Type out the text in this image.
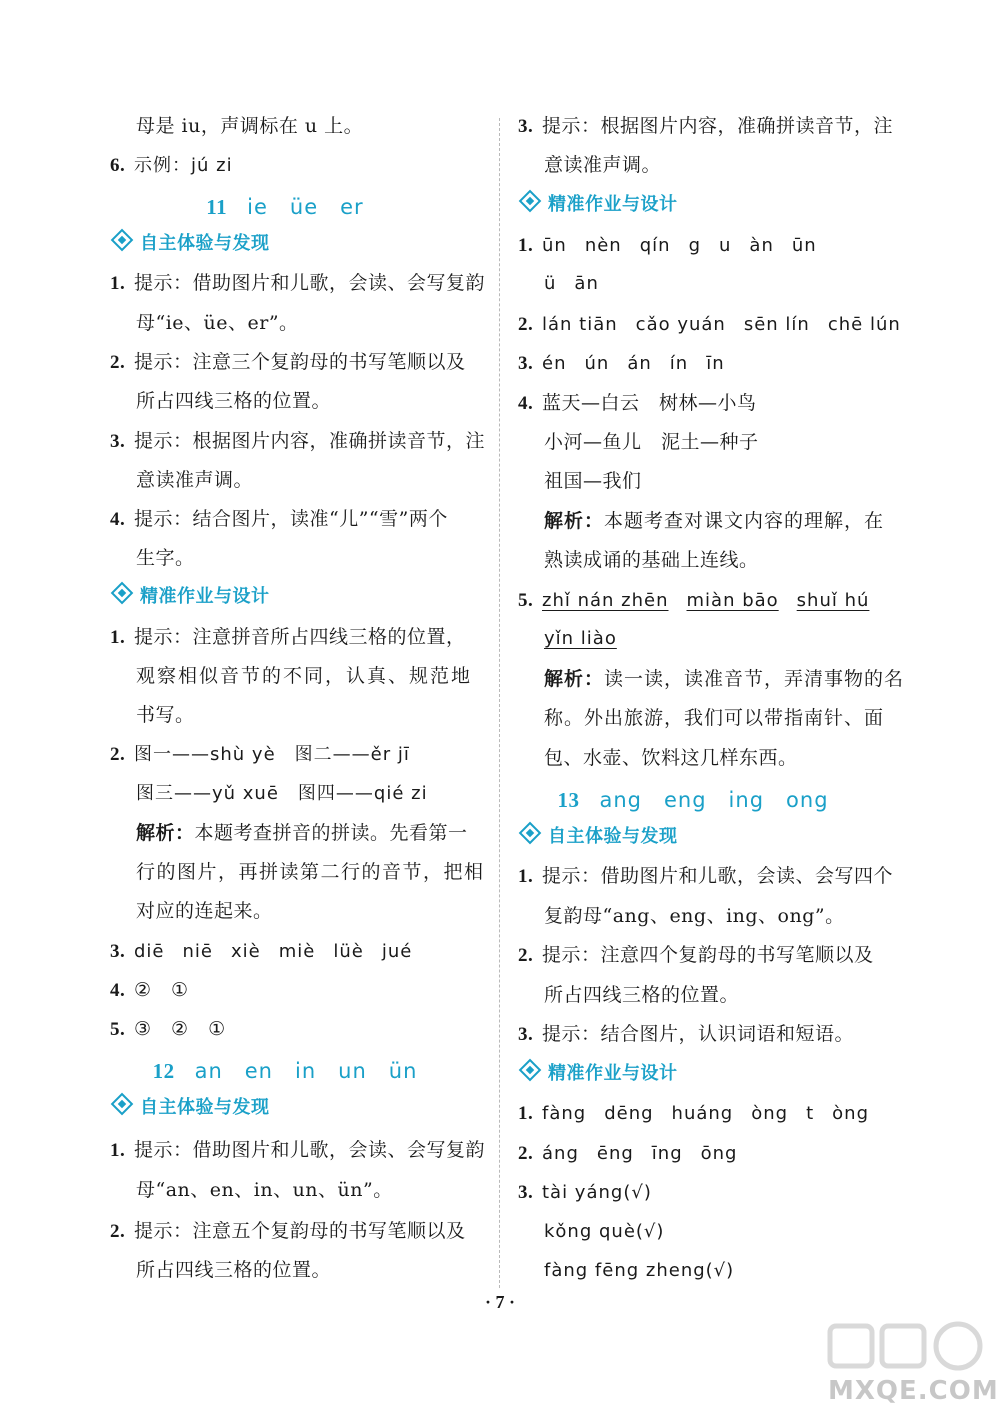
母是 iu，声调标在 u 上。
6. 示例：jú zi
11 ie üe er
自主体验与发现
1. 提示：借助图片和儿歌，会读、会写复韵
母“ie、üe、er”。
2. 提示：注意三个复韵母的书写笔顺以及
所占四线三格的位置。
3. 提示：根据图片内容，准确拼读音节，注
意读准声调。
4. 提示：结合图片，读准“儿”“雪”两个
生字。
精准作业与设计
1. 提示：注意拼音所占四线三格的位置，
观察相似音节的不同，认真、规范地
书写。
2. 图一——shù yè　图二——ěr jī
图三——yǔ xuē　图四——qié zi
解析：本题考查拼音的拼读。先看第一
行的图片，再拼读第二行的音节，把相
对应的连起来。
3. diē niē xiè miè lüè jué
4. ②　①
5. ③　②　①
12 an en in un ün
自主体验与发现
1. 提示：借助图片和儿歌，会读、会写复韵
母“an、en、in、un、ün”。
2. 提示：注意五个复韵母的书写笔顺以及
所占四线三格的位置。
3. 提示：根据图片内容，准确拼读音节，注
意读准声调。
精准作业与设计
1. ūn nèn qín g u àn ūn
ü ān
2. lán tiān cǎo yuán sēn lín chē lún
3. én ún án ín īn
4. 蓝天—白云　树林—小鸟
小河—鱼儿　泥土—种子
祖国—我们
解析：本题考查对课文内容的理解，在
熟读成诵的基础上连线。
5. zhǐ nán zhēn miàn bāo shuǐ hú
yǐn liào
解析：读一读，读准音节，弄清事物的名
称。外出旅游，我们可以带指南针、面
包、水壶、饮料这几样东西。
13 ang eng ing ong
自主体验与发现
1. 提示：借助图片和儿歌，会读、会写四个
复韵母“ang、eng、ing、ong”。
2. 提示：注意四个复韵母的书写笔顺以及
所占四线三格的位置。
3. 提示：结合图片，认识词语和短语。
精准作业与设计
1. fàng dēng huáng òng t òng
2. áng ēng īng ōng
3. tài yáng(√)
kǒng què(√)
fàng fēng zheng(√)
· 7 ·
MXQE.COM
